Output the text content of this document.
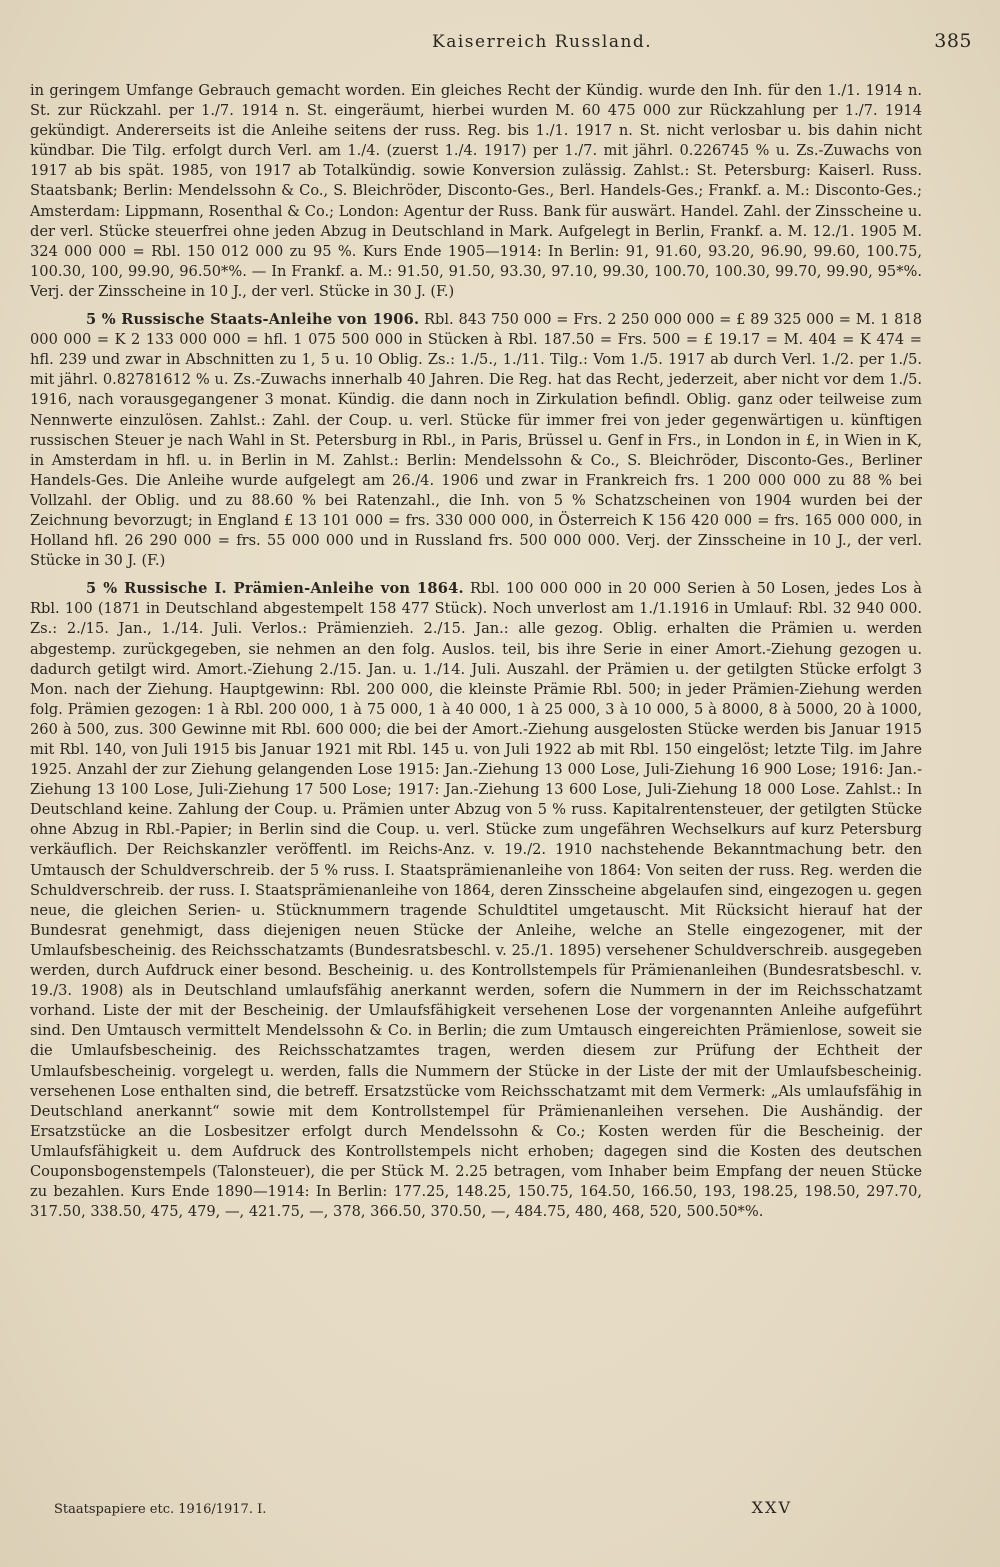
Kaiserreich Russland.	385

in geringem Umfange Gebrauch gemacht worden. Ein gleiches Recht der Kündig. wurde den Inh. für den 1./1. 1914 n. St. zur Rückzahl. per 1./7. 1914 n. St. eingeräumt, hierbei wurden M. 60 475 000 zur Rückzahlung per 1./7. 1914 gekündigt. Andererseits ist die Anleihe seitens der russ. Reg. bis 1./1. 1917 n. St. nicht verlosbar u. bis dahin nicht kündbar. Die Tilg. erfolgt durch Verl. am 1./4. (zuerst 1./4. 1917) per 1./7. mit jährl. 0.226745 % u. Zs.-Zuwachs von 1917 ab bis spät. 1985, von 1917 ab Totalkündig. sowie Konversion zulässig. Zahlst.: St. Petersburg: Kaiserl. Russ. Staatsbank; Berlin: Mendelssohn & Co., S. Bleichröder, Disconto-Ges., Berl. Handels-Ges.; Frankf. a. M.: Disconto-Ges.; Amsterdam: Lippmann, Rosenthal & Co.; London: Agentur der Russ. Bank für auswärt. Handel. Zahl. der Zinsscheine u. der verl. Stücke steuerfrei ohne jeden Abzug in Deutschland in Mark. Aufgelegt in Berlin, Frankf. a. M. 12./1. 1905 M. 324 000 000 = Rbl. 150 012 000 zu 95 %. Kurs Ende 1905—1914: In Berlin: 91, 91.60, 93.20, 96.90, 99.60, 100.75, 100.30, 100, 99.90, 96.50*%. — In Frankf. a. M.: 91.50, 91.50, 93.30, 97.10, 99.30, 100.70, 100.30, 99.70, 99.90, 95*%. Verj. der Zinsscheine in 10 J., der verl. Stücke in 30 J. (F.)

5 % Russische Staats-Anleihe von 1906. Rbl. 843 750 000 = Frs. 2 250 000 000 = £ 89 325 000 = M. 1 818 000 000 = K 2 133 000 000 = hfl. 1 075 500 000 in Stücken à Rbl. 187.50 = Frs. 500 = £ 19.17 = M. 404 = K 474 = hfl. 239 und zwar in Abschnitten zu 1, 5 u. 10 Oblig. Zs.: 1./5., 1./11. Tilg.: Vom 1./5. 1917 ab durch Verl. 1./2. per 1./5. mit jährl. 0.82781612 % u. Zs.-Zuwachs innerhalb 40 Jahren. Die Reg. hat das Recht, jederzeit, aber nicht vor dem 1./5. 1916, nach vorausgegangener 3 monat. Kündig. die dann noch in Zirkulation befindl. Oblig. ganz oder teilweise zum Nennwerte einzulösen. Zahlst.: Zahl. der Coup. u. verl. Stücke für immer frei von jeder gegenwärtigen u. künftigen russischen Steuer je nach Wahl in St. Petersburg in Rbl., in Paris, Brüssel u. Genf in Frs., in London in £, in Wien in K, in Amsterdam in hfl. u. in Berlin in M. Zahlst.: Berlin: Mendelssohn & Co., S. Bleichröder, Disconto-Ges., Berliner Handels-Ges. Die Anleihe wurde aufgelegt am 26./4. 1906 und zwar in Frankreich frs. 1 200 000 000 zu 88 % bei Vollzahl. der Oblig. und zu 88.60 % bei Ratenzahl., die Inh. von 5 % Schatzscheinen von 1904 wurden bei der Zeichnung bevorzugt; in England £ 13 101 000 = frs. 330 000 000, in Österreich K 156 420 000 = frs. 165 000 000, in Holland hfl. 26 290 000 = frs. 55 000 000 und in Russland frs. 500 000 000. Verj. der Zinsscheine in 10 J., der verl. Stücke in 30 J. (F.)

5 % Russische I. Prämien-Anleihe von 1864. Rbl. 100 000 000 in 20 000 Serien à 50 Losen, jedes Los à Rbl. 100 (1871 in Deutschland abgestempelt 158 477 Stück). Noch unverlost am 1./1.1916 in Umlauf: Rbl. 32 940 000. Zs.: 2./15. Jan., 1./14. Juli. Verlos.: Prämienzieh. 2./15. Jan.: alle gezog. Oblig. erhalten die Prämien u. werden abgestemp. zurückgegeben, sie nehmen an den folg. Auslos. teil, bis ihre Serie in einer Amort.-Ziehung gezogen u. dadurch getilgt wird. Amort.-Ziehung 2./15. Jan. u. 1./14. Juli. Auszahl. der Prämien u. der getilgten Stücke erfolgt 3 Mon. nach der Ziehung. Hauptgewinn: Rbl. 200 000, die kleinste Prämie Rbl. 500; in jeder Prämien-Ziehung werden folg. Prämien gezogen: 1 à Rbl. 200 000, 1 à 75 000, 1 à 40 000, 1 à 25 000, 3 à 10 000, 5 à 8000, 8 à 5000, 20 à 1000, 260 à 500, zus. 300 Gewinne mit Rbl. 600 000; die bei der Amort.-Ziehung ausgelosten Stücke werden bis Januar 1915 mit Rbl. 140, von Juli 1915 bis Januar 1921 mit Rbl. 145 u. von Juli 1922 ab mit Rbl. 150 eingelöst; letzte Tilg. im Jahre 1925. Anzahl der zur Ziehung gelangenden Lose 1915: Jan.-Ziehung 13 000 Lose, Juli-Ziehung 16 900 Lose; 1916: Jan.-Ziehung 13 100 Lose, Juli-Ziehung 17 500 Lose; 1917: Jan.-Ziehung 13 600 Lose, Juli-Ziehung 18 000 Lose. Zahlst.: In Deutschland keine. Zahlung der Coup. u. Prämien unter Abzug von 5 % russ. Kapitalrentensteuer, der getilgten Stücke ohne Abzug in Rbl.-Papier; in Berlin sind die Coup. u. verl. Stücke zum ungefähren Wechselkurs auf kurz Petersburg verkäuflich. Der Reichskanzler veröffentl. im Reichs-Anz. v. 19./2. 1910 nachstehende Bekanntmachung betr. den Umtausch der Schuldverschreib. der 5 % russ. I. Staatsprämienanleihe von 1864: Von seiten der russ. Reg. werden die Schuldverschreib. der russ. I. Staatsprämienanleihe von 1864, deren Zinsscheine abgelaufen sind, eingezogen u. gegen neue, die gleichen Serien- u. Stücknummern tragende Schuldtitel umgetauscht. Mit Rücksicht hierauf hat der Bundesrat genehmigt, dass diejenigen neuen Stücke der Anleihe, welche an Stelle eingezogener, mit der Umlaufsbescheinig. des Reichsschatzamts (Bundesratsbeschl. v. 25./1. 1895) versehener Schuldverschreib. ausgegeben werden, durch Aufdruck einer besond. Bescheinig. u. des Kontrollstempels für Prämienanleihen (Bundesratsbeschl. v. 19./3. 1908) als in Deutschland umlaufsfähig anerkannt werden, sofern die Nummern in der im Reichsschatzamt vorhand. Liste der mit der Bescheinig. der Umlaufsfähigkeit versehenen Lose der vorgenannten Anleihe aufgeführt sind. Den Umtausch vermittelt Mendelssohn & Co. in Berlin; die zum Umtausch eingereichten Prämienlose, soweit sie die Umlaufsbescheinig. des Reichsschatzamtes tragen, werden diesem zur Prüfung der Echtheit der Umlaufsbescheinig. vorgelegt u. werden, falls die Nummern der Stücke in der Liste der mit der Umlaufsbescheinig. versehenen Lose enthalten sind, die betreff. Ersatzstücke vom Reichsschatzamt mit dem Vermerk: „Als umlaufsfähig in Deutschland anerkannt“ sowie mit dem Kontrollstempel für Prämienanleihen versehen. Die Aushändig. der Ersatzstücke an die Losbesitzer erfolgt durch Mendelssohn & Co.; Kosten werden für die Bescheinig. der Umlaufsfähigkeit u. dem Aufdruck des Kontrollstempels nicht erhoben; dagegen sind die Kosten des deutschen Couponsbogenstempels (Talonsteuer), die per Stück M. 2.25 betragen, vom Inhaber beim Empfang der neuen Stücke zu bezahlen. Kurs Ende 1890—1914: In Berlin: 177.25, 148.25, 150.75, 164.50, 166.50, 193, 198.25, 198.50, 297.70, 317.50, 338.50, 475, 479, —, 421.75, —, 378, 366.50, 370.50, —, 484.75, 480, 468, 520, 500.50*%.

Staatspapiere etc. 1916/1917. I.	XXV
